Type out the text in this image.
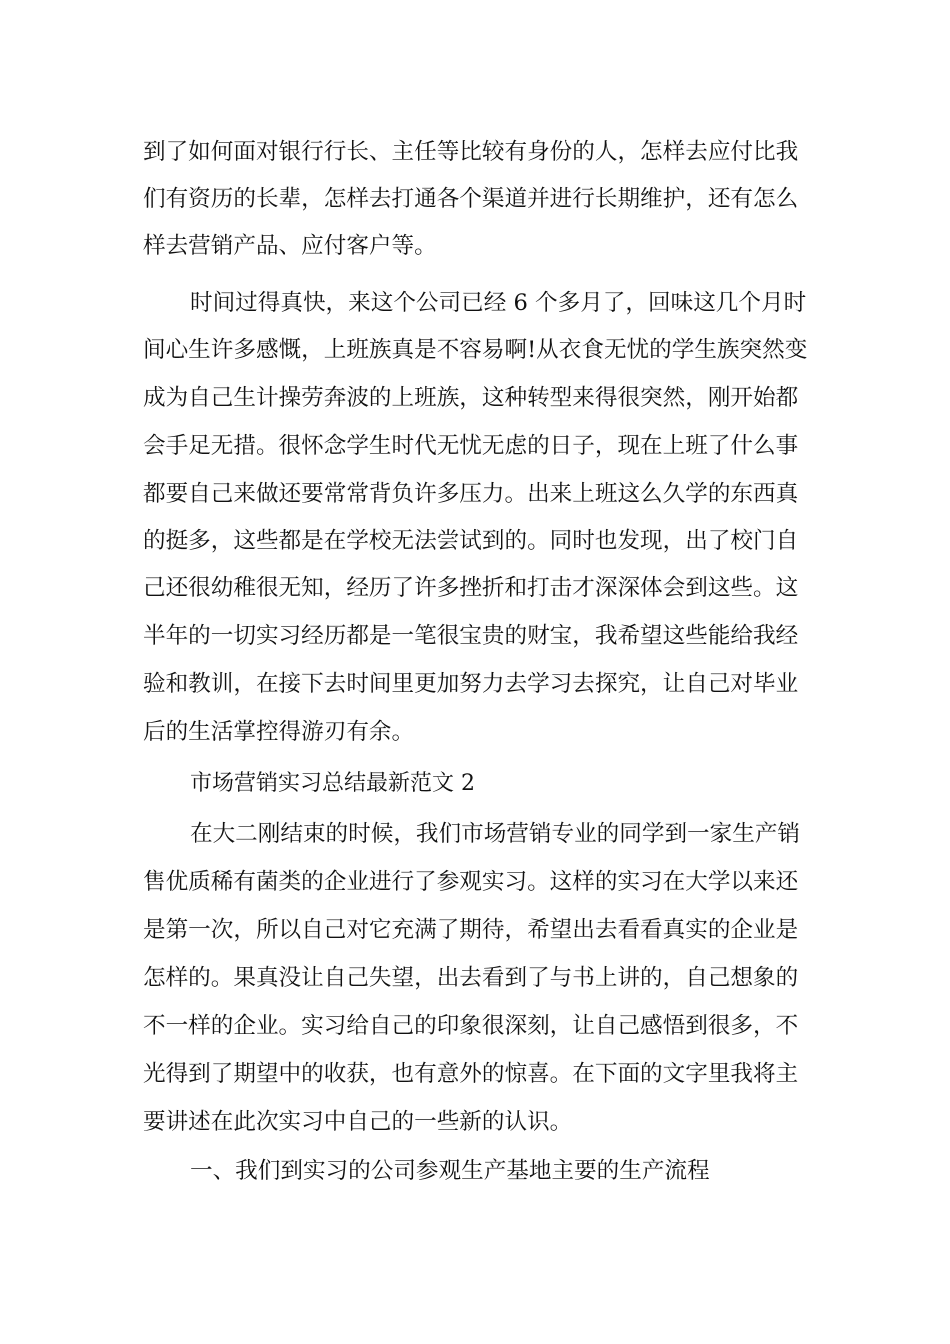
到了如何面对银行行长、主任等比较有身份的人，怎样去应付比我
们有资历的长辈，怎样去打通各个渠道并进行长期维护，还有怎么
样去营销产品、应付客户等。
时间过得真快，来这个公司已经 6 个多月了，回味这几个月时
间心生许多感慨，上班族真是不容易啊!从衣食无忧的学生族突然变
成为自己生计操劳奔波的上班族，这种转型来得很突然，刚开始都
会手足无措。很怀念学生时代无忧无虑的日子，现在上班了什么事
都要自己来做还要常常背负许多压力。出来上班这么久学的东西真
的挺多，这些都是在学校无法尝试到的。同时也发现，出了校门自
己还很幼稚很无知，经历了许多挫折和打击才深深体会到这些。这
半年的一切实习经历都是一笔很宝贵的财宝，我希望这些能给我经
验和教训，在接下去时间里更加努力去学习去探究，让自己对毕业
后的生活掌控得游刃有余。
市场营销实习总结最新范文 2
在大二刚结束的时候，我们市场营销专业的同学到一家生产销
售优质稀有菌类的企业进行了参观实习。这样的实习在大学以来还
是第一次，所以自己对它充满了期待，希望出去看看真实的企业是
怎样的。果真没让自己失望，出去看到了与书上讲的，自己想象的
不一样的企业。实习给自己的印象很深刻，让自己感悟到很多，不
光得到了期望中的收获，也有意外的惊喜。在下面的文字里我将主
要讲述在此次实习中自己的一些新的认识。
一、我们到实习的公司参观生产基地主要的生产流程
